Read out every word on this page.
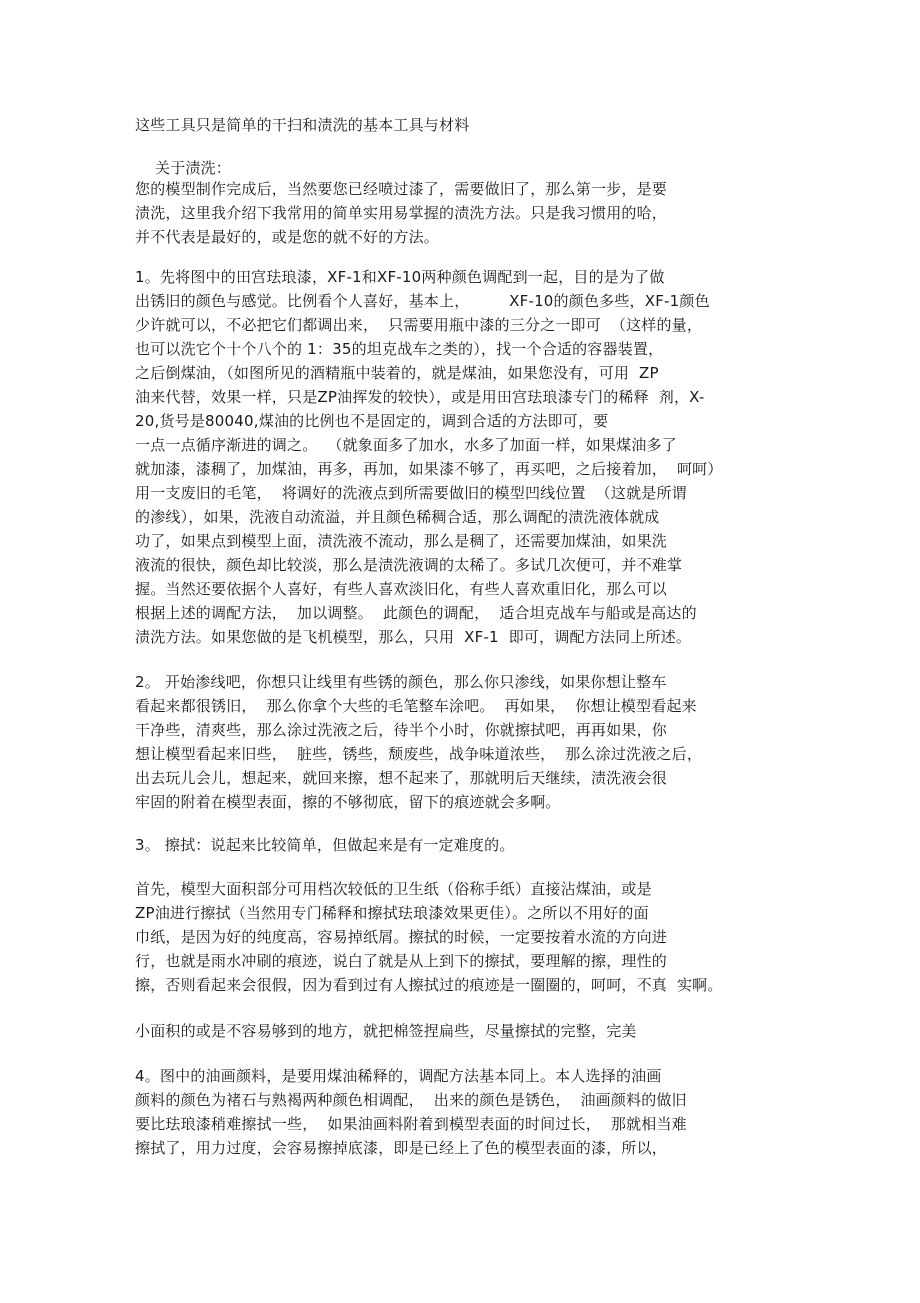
这些工具只是简单的干扫和渍洗的基本工具与材料
关于渍洗：
您的模型制作完成后，当然要您已经喷过漆了，需要做旧了，那么第一步，是要
渍洗，这里我介绍下我常用的简单实用易掌握的渍洗方法。只是我习惯用的哈，
并不代表是最好的，或是您的就不好的方法。
1。先将图中的田宫珐琅漆，XF-1和XF-10两种颜色调配到一起，目的是为了做
出锈旧的颜色与感觉。比例看个人喜好，基本上，        XF-10的颜色多些，XF-1颜色
少许就可以，不必把它们都调出来，  只需要用瓶中漆的三分之一即可  （这样的量，
也可以洗它个十个八个的 1：35的坦克战车之类的），找一个合适的容器装置，
之后倒煤油，（如图所见的酒精瓶中装着的，就是煤油，如果您没有，可用  ZP
油来代替，效果一样，只是ZP油挥发的较快），或是用田宫珐琅漆专门的稀释  剂，X-
20,货号是80040,煤油的比例也不是固定的，调到合适的方法即可，要
一点一点循序渐进的调之。  （就象面多了加水，水多了加面一样，如果煤油多了
就加漆，漆稠了，加煤油，再多，再加，如果漆不够了，再买吧，之后接着加，  呵呵）
用一支废旧的毛笔，  将调好的洗液点到所需要做旧的模型凹线位置  （这就是所谓
的渗线），如果，洗液自动流溢，并且颜色稀稠合适，那么调配的渍洗液体就成
功了，如果点到模型上面，渍洗液不流动，那么是稠了，还需要加煤油，如果洗
液流的很快，颜色却比较淡，那么是渍洗液调的太稀了。多试几次便可，并不难掌
握。当然还要依据个人喜好，有些人喜欢淡旧化，有些人喜欢重旧化，那么可以
根据上述的调配方法，  加以调整。  此颜色的调配，  适合坦克战车与船或是高达的
渍洗方法。如果您做的是飞机模型，那么，只用  XF-1  即可，调配方法同上所述。
2。 开始渗线吧，你想只让线里有些锈的颜色，那么你只渗线，如果你想让整车
看起来都很锈旧，  那么你拿个大些的毛笔整车涂吧。  再如果，  你想让模型看起来
干净些，清爽些，那么涂过洗液之后，待半个小时，你就擦拭吧，再再如果，你
想让模型看起来旧些，  脏些，锈些，颓废些，战争味道浓些，  那么涂过洗液之后，
出去玩儿会儿，想起来，就回来擦，想不起来了，那就明后天继续，渍洗液会很
牢固的附着在模型表面，擦的不够彻底，留下的痕迹就会多啊。
3。 擦拭：说起来比较简单，但做起来是有一定难度的。
首先，模型大面积部分可用档次较低的卫生纸（俗称手纸）直接沾煤油，或是
ZP油进行擦拭（当然用专门稀释和擦拭珐琅漆效果更佳）。之所以不用好的面
巾纸，是因为好的纯度高，容易掉纸屑。擦拭的时候，一定要按着水流的方向进
行，也就是雨水冲刷的痕迹，说白了就是从上到下的擦拭，要理解的擦，理性的
擦，否则看起来会很假，因为看到过有人擦拭过的痕迹是一圈圈的，呵呵，不真  实啊。
小面积的或是不容易够到的地方，就把棉签捏扁些，尽量擦拭的完整，完美
4。图中的油画颜料，是要用煤油稀释的，调配方法基本同上。本人选择的油画
颜料的颜色为褚石与熟褐两种颜色相调配，  出来的颜色是锈色，  油画颜料的做旧
要比珐琅漆稍难擦拭一些，  如果油画料附着到模型表面的时间过长，  那就相当难
擦拭了，用力过度，会容易擦掉底漆，即是已经上了色的模型表面的漆，所以，
